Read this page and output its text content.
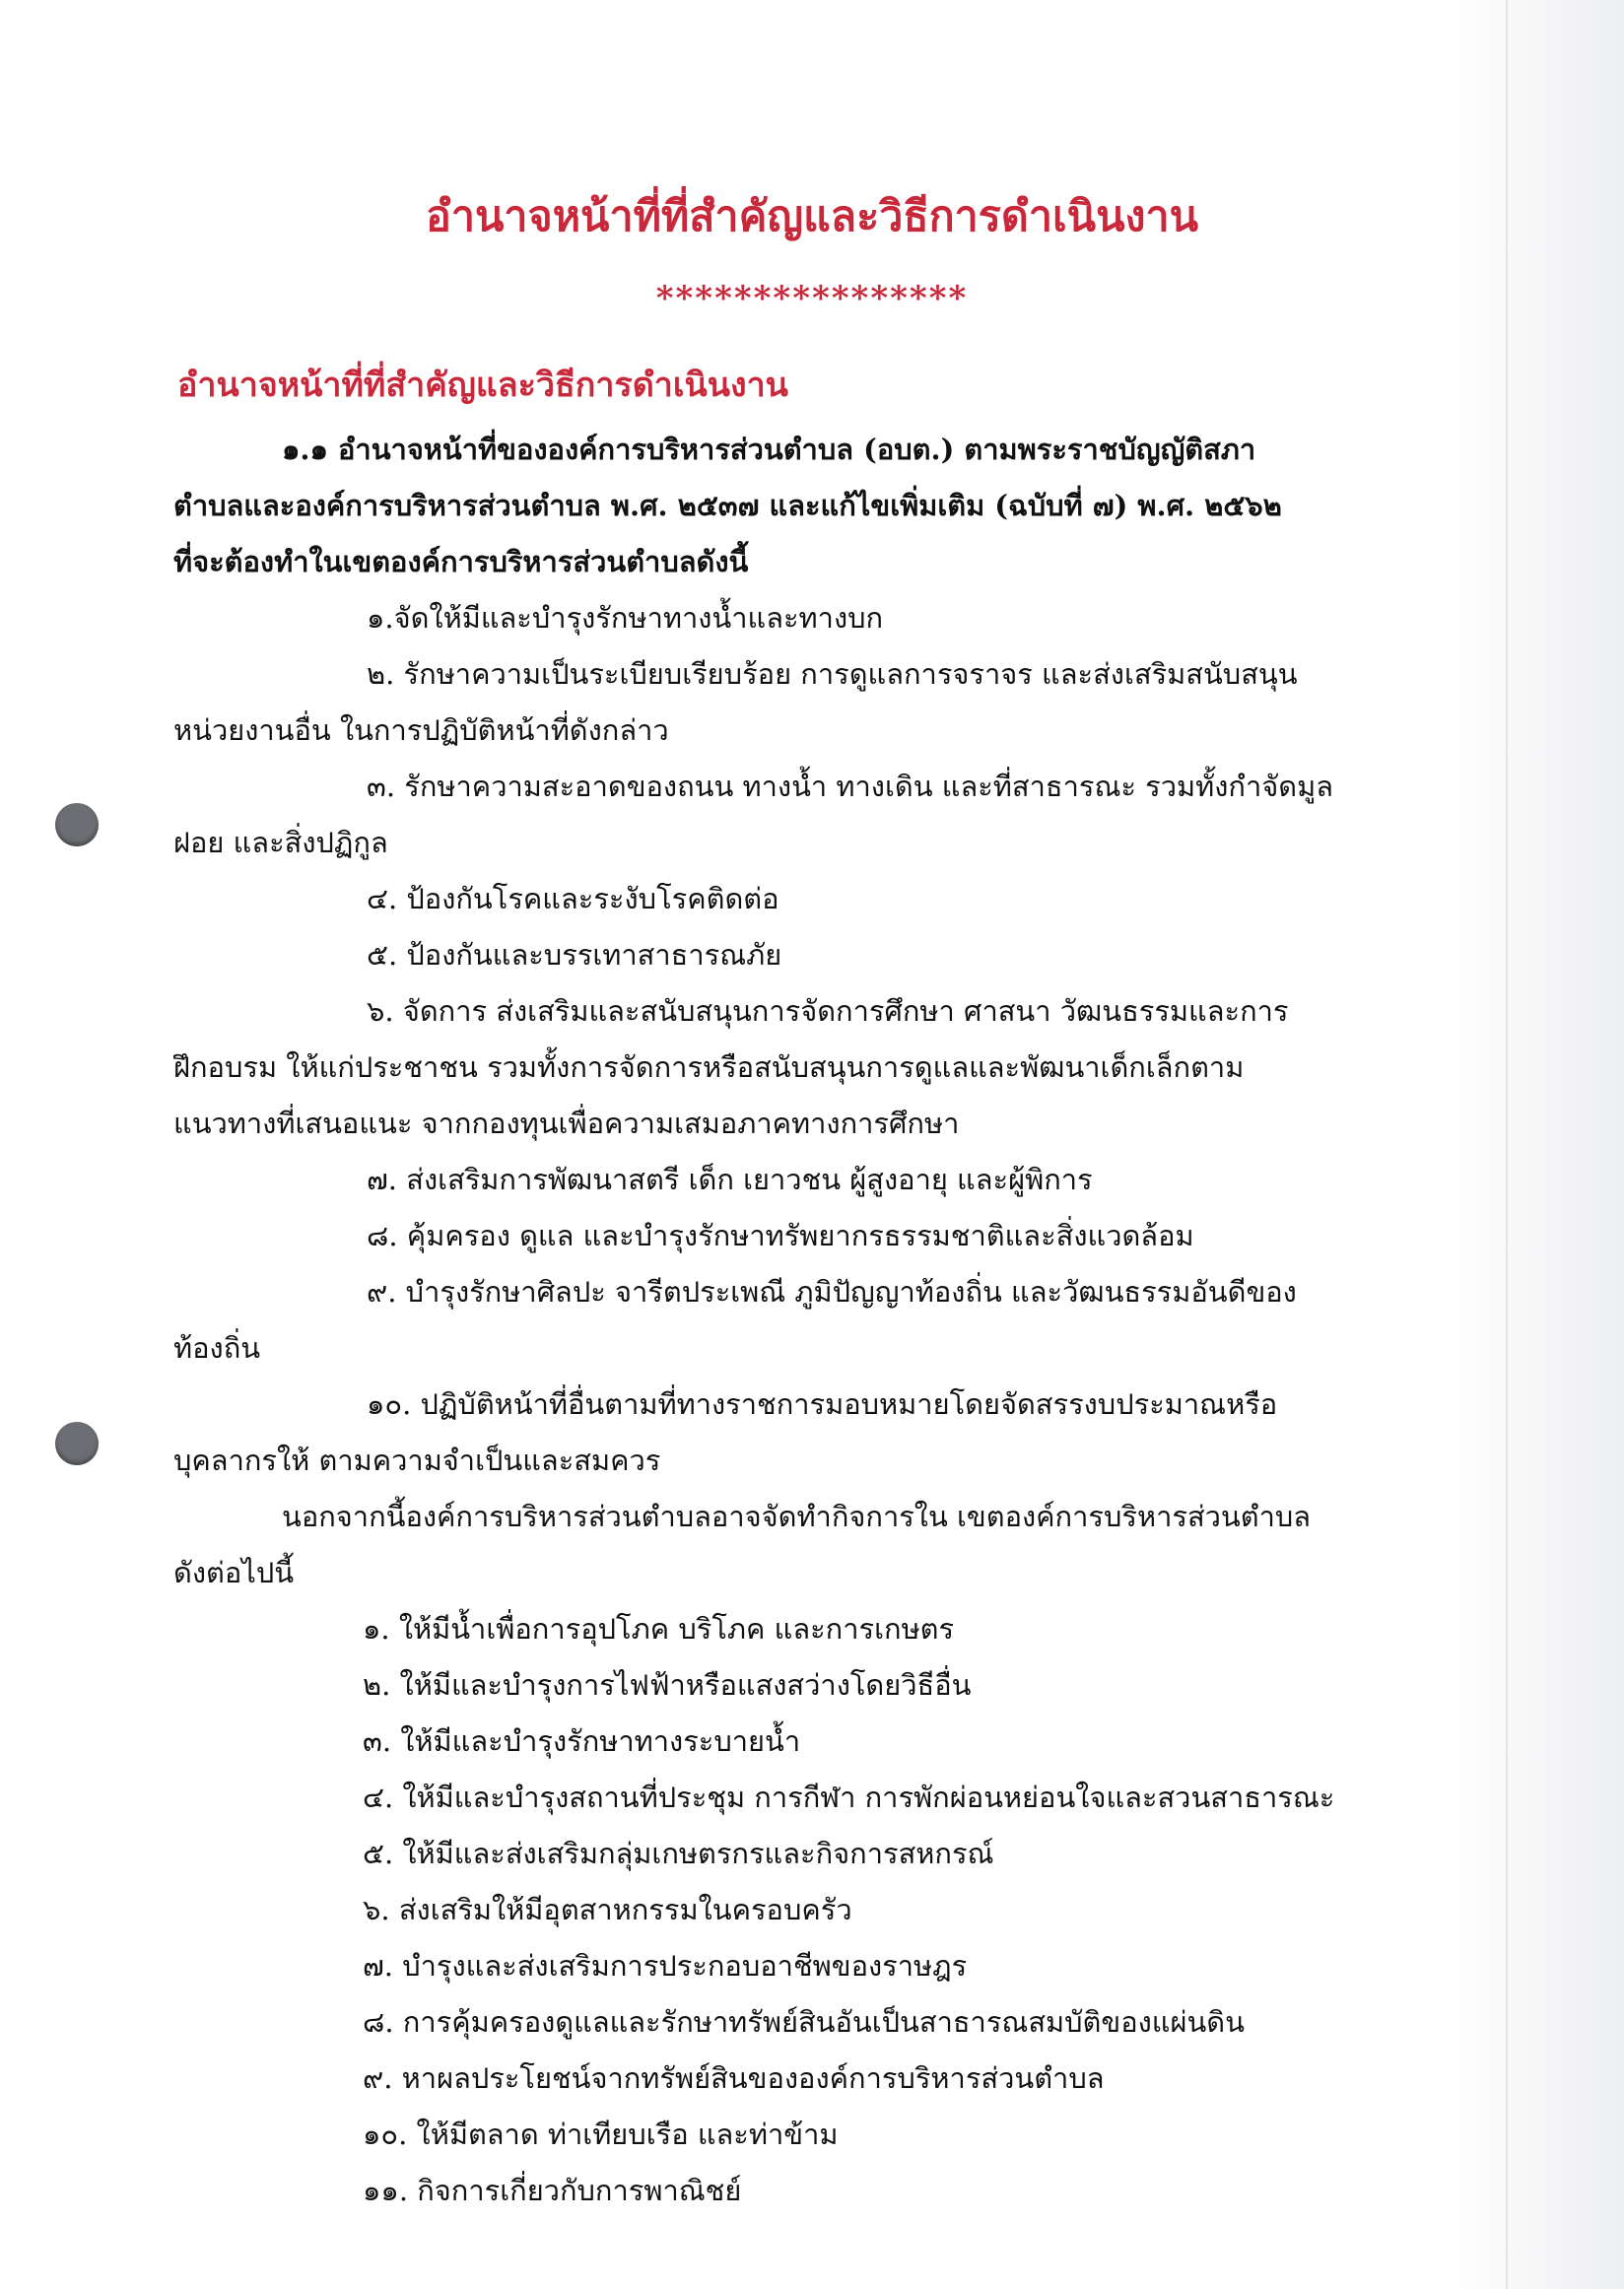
อำนาจหน้าที่ที่สำคัญและวิธีการดำเนินงาน
****************
อำนาจหน้าที่ที่สำคัญและวิธีการดำเนินงาน
๑.๑ อำนาจหน้าที่ขององค์การบริหารส่วนตำบล (อบต.) ตามพระราชบัญญัติสภา
ตำบลและองค์การบริหารส่วนตำบล พ.ศ. ๒๕๓๗ และแก้ไขเพิ่มเติม (ฉบับที่ ๗) พ.ศ. ๒๕๖๒
ที่จะต้องทำในเขตองค์การบริหารส่วนตำบลดังนี้
๑.จัดให้มีและบำรุงรักษาทางน้ำและทางบก
๒. รักษาความเป็นระเบียบเรียบร้อย การดูแลการจราจร และส่งเสริมสนับสนุน
หน่วยงานอื่น ในการปฏิบัติหน้าที่ดังกล่าว
๓. รักษาความสะอาดของถนน ทางน้ำ ทางเดิน และที่สาธารณะ รวมทั้งกำจัดมูล
ฝอย และสิ่งปฏิกูล
๔. ป้องกันโรคและระงับโรคติดต่อ
๕. ป้องกันและบรรเทาสาธารณภัย
๖. จัดการ ส่งเสริมและสนับสนุนการจัดการศึกษา ศาสนา วัฒนธรรมและการ
ฝึกอบรม ให้แก่ประชาชน รวมทั้งการจัดการหรือสนับสนุนการดูแลและพัฒนาเด็กเล็กตาม
แนวทางที่เสนอแนะ จากกองทุนเพื่อความเสมอภาคทางการศึกษา
๗. ส่งเสริมการพัฒนาสตรี เด็ก เยาวชน ผู้สูงอายุ และผู้พิการ
๘. คุ้มครอง ดูแล และบำรุงรักษาทรัพยากรธรรมชาติและสิ่งแวดล้อม
๙. บำรุงรักษาศิลปะ จารีตประเพณี ภูมิปัญญาท้องถิ่น และวัฒนธรรมอันดีของ
ท้องถิ่น
๑๐. ปฏิบัติหน้าที่อื่นตามที่ทางราชการมอบหมายโดยจัดสรรงบประมาณหรือ
บุคลากรให้ ตามความจำเป็นและสมควร
นอกจากนี้องค์การบริหารส่วนตำบลอาจจัดทำกิจการใน เขตองค์การบริหารส่วนตำบล
ดังต่อไปนี้
๑. ให้มีน้ำเพื่อการอุปโภค บริโภค และการเกษตร
๒. ให้มีและบำรุงการไฟฟ้าหรือแสงสว่างโดยวิธีอื่น
๓. ให้มีและบำรุงรักษาทางระบายน้ำ
๔. ให้มีและบำรุงสถานที่ประชุม การกีฬา การพักผ่อนหย่อนใจและสวนสาธารณะ
๕. ให้มีและส่งเสริมกลุ่มเกษตรกรและกิจการสหกรณ์
๖. ส่งเสริมให้มีอุตสาหกรรมในครอบครัว
๗. บำรุงและส่งเสริมการประกอบอาชีพของราษฎร
๘. การคุ้มครองดูแลและรักษาทรัพย์สินอันเป็นสาธารณสมบัติของแผ่นดิน
๙. หาผลประโยชน์จากทรัพย์สินขององค์การบริหารส่วนตำบล
๑๐. ให้มีตลาด ท่าเทียบเรือ และท่าข้าม
๑๑. กิจการเกี่ยวกับการพาณิชย์
